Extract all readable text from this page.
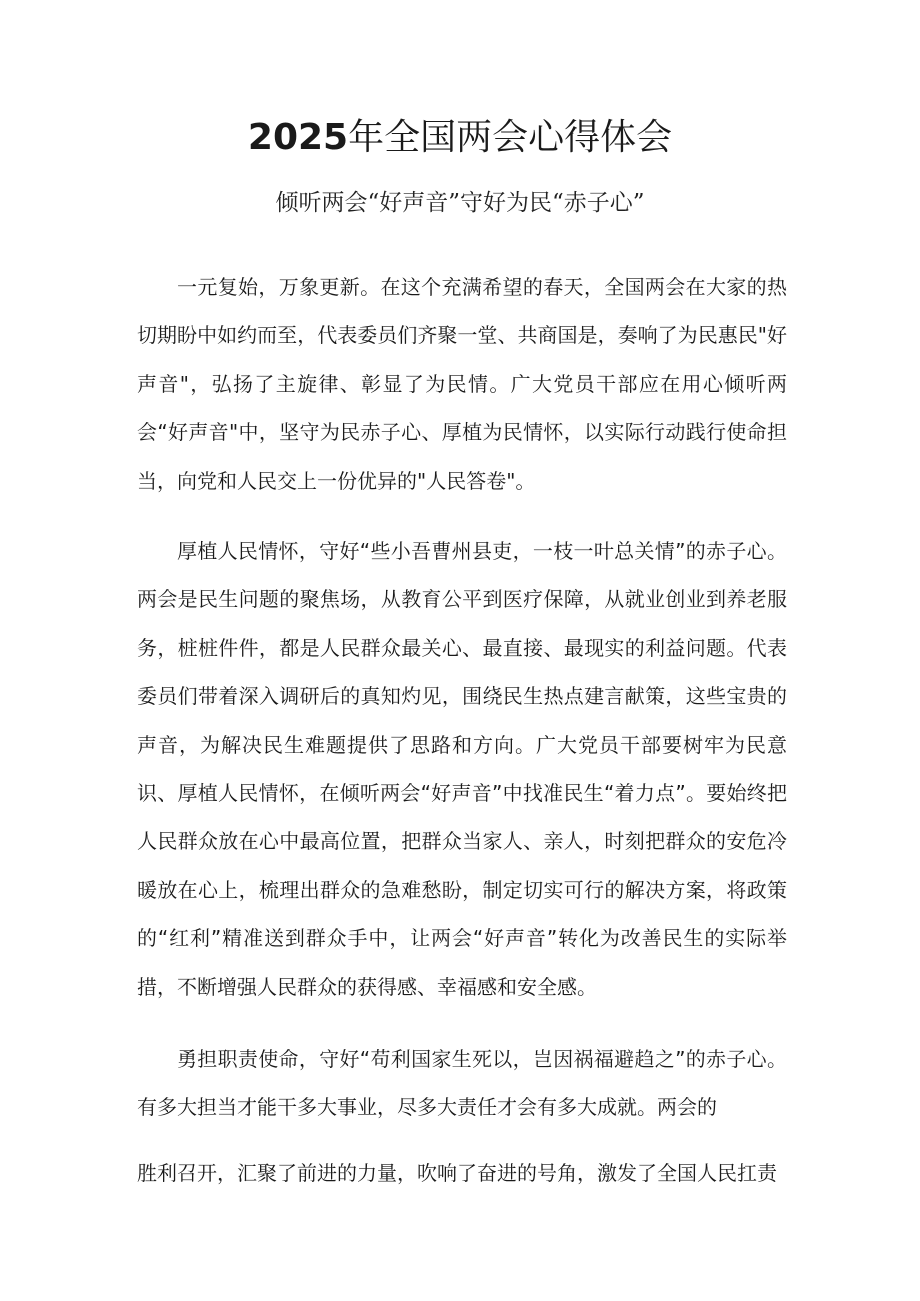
2025年全国两会心得体会

倾听两会“好声音”守好为民“赤子心”

一元复始，万象更新。在这个充满希望的春天，全国两会在大家的热切期盼中如约而至，代表委员们齐聚一堂、共商国是，奏响了为民惠民"好声音"，弘扬了主旋律、彰显了为民情。广大党员干部应在用心倾听两会“好声音"中，坚守为民赤子心、厚植为民情怀，以实际行动践行使命担当，向党和人民交上一份优异的"人民答卷"。

厚植人民情怀，守好“些小吾曹州县吏，一枝一叶总关情”的赤子心。两会是民生问题的聚焦场，从教育公平到医疗保障，从就业创业到养老服务，桩桩件件，都是人民群众最关心、最直接、最现实的利益问题。代表委员们带着深入调研后的真知灼见，围绕民生热点建言献策，这些宝贵的声音，为解决民生难题提供了思路和方向。广大党员干部要树牢为民意识、厚植人民情怀，在倾听两会“好声音”中找准民生“着力点”。要始终把人民群众放在心中最高位置，把群众当家人、亲人，时刻把群众的安危冷暖放在心上，梳理出群众的急难愁盼，制定切实可行的解决方案，将政策的“红利”精准送到群众手中，让两会“好声音”转化为改善民生的实际举措，不断增强人民群众的获得感、幸福感和安全感。

勇担职责使命，守好“苟利国家生死以，岂因祸福避趋之”的赤子心。有多大担当才能干多大事业，尽多大责任才会有多大成就。两会的

胜利召开，汇聚了前进的力量，吹响了奋进的号角，激发了全国人民扛责
